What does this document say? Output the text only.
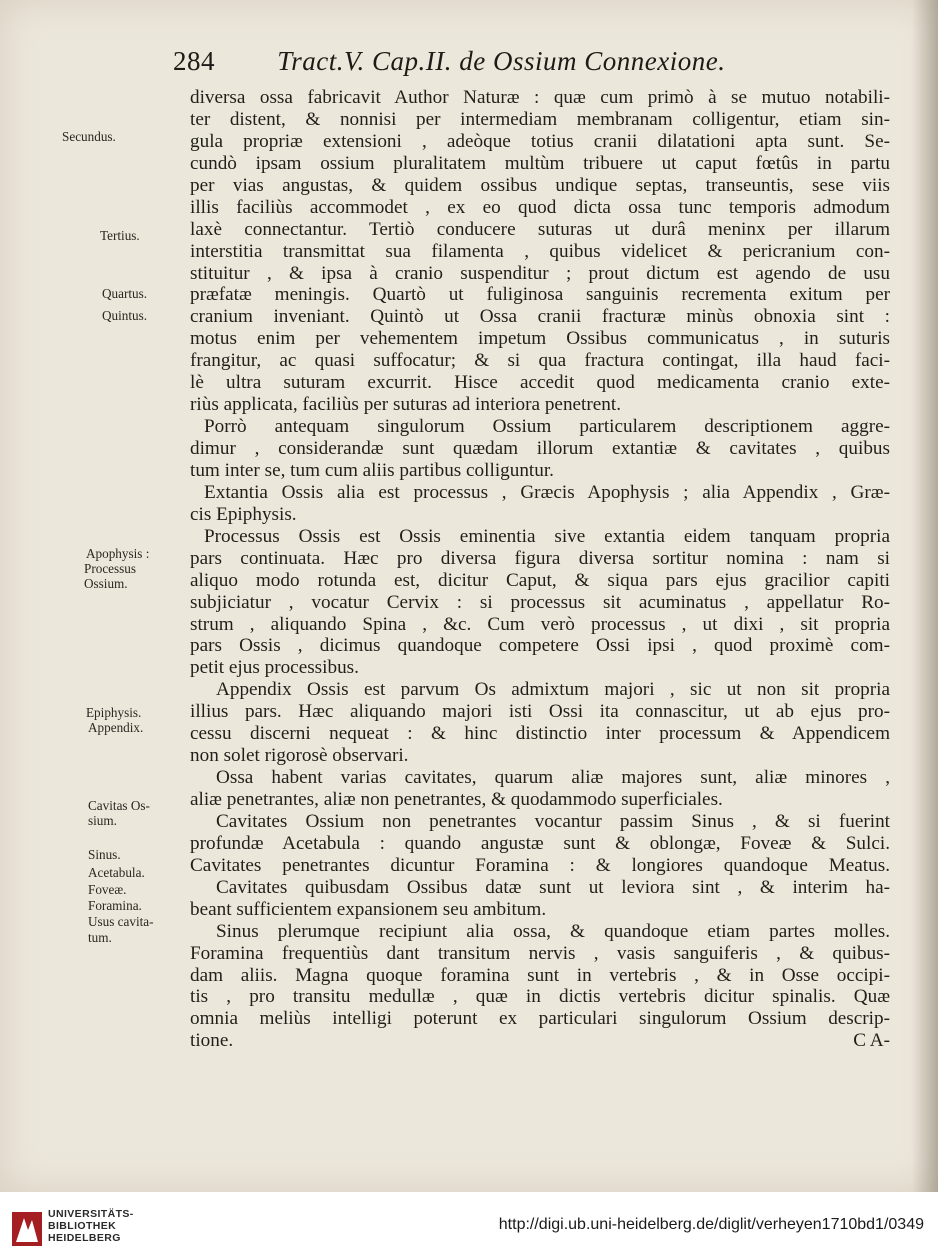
284 Tract.V. Cap.II. de Ossium Connexione.
diversa ossa fabricavit Author Naturæ : quæ cum primò à se mutuo notabili-
ter distent, & nonnisi per intermediam membranam colligentur, etiam sin-
gula propriæ extensioni , adeòque totius cranii dilatationi apta sunt. Se-
cundò ipsam ossium pluralitatem multùm tribuere ut caput fœtûs in partu
per vias angustas, & quidem ossibus undique septas, transeuntis, sese viis
illis faciliùs accommodet , ex eo quod dicta ossa tunc temporis admodum
laxè connectantur. Tertiò conducere suturas ut durâ meninx per illarum
interstitia transmittat sua filamenta , quibus videlicet & pericranium con-
stituitur , & ipsa à cranio suspenditur ; prout dictum est agendo de usu
præfatæ meningis. Quartò ut fuliginosa sanguinis recrementa exitum per
cranium inveniant. Quintò ut Ossa cranii fracturæ minùs obnoxia sint :
motus enim per vehementem impetum Ossibus communicatus , in suturis
frangitur, ac quasi suffocatur; & si qua fractura contingat, illa haud faci-
lè ultra suturam excurrit. Hisce accedit quod medicamenta cranio exte-
riùs applicata, faciliùs per suturas ad interiora penetrent.
Porrò antequam singulorum Ossium particularem descriptionem aggre-
dimur , considerandæ sunt quædam illorum extantiæ & cavitates , quibus
tum inter se, tum cum aliis partibus colliguntur.
Extantia Ossis alia est processus , Græcis Apophysis ; alia Appendix , Græ-
cis Epiphysis.
Processus Ossis est Ossis eminentia sive extantia eidem tanquam propria
pars continuata. Hæc pro diversa figura diversa sortitur nomina : nam si
aliquo modo rotunda est, dicitur Caput, & siqua pars ejus gracilior capiti
subjiciatur , vocatur Cervix : si processus sit acuminatus , appellatur Ro-
strum , aliquando Spina , &c. Cum verò processus , ut dixi , sit propria
pars Ossis , dicimus quandoque competere Ossi ipsi , quod proximè com-
petit ejus processibus.
Appendix Ossis est parvum Os admixtum majori , sic ut non sit propria
illius pars. Hæc aliquando majori isti Ossi ita connascitur, ut ab ejus pro-
cessu discerni nequeat : & hinc distinctio inter processum & Appendicem
non solet rigorosè observari.
Ossa habent varias cavitates, quarum aliæ majores sunt, aliæ minores ,
aliæ penetrantes, aliæ non penetrantes, & quodammodo superficiales.
Cavitates Ossium non penetrantes vocantur passim Sinus , & si fuerint
profundæ Acetabula : quando angustæ sunt & oblongæ, Foveæ & Sulci.
Cavitates penetrantes dicuntur Foramina : & longiores quandoque Meatus.
Cavitates quibusdam Ossibus datæ sunt ut leviora sint , & interim ha-
beant sufficientem expansionem seu ambitum.
Sinus plerumque recipiunt alia ossa, & quandoque etiam partes molles.
Foramina frequentiùs dant transitum nervis , vasis sanguiferis , & quibus-
dam aliis. Magna quoque foramina sunt in vertebris , & in Osse occipi-
tis , pro transitu medullæ , quæ in dictis vertebris dicitur spinalis. Quæ
omnia meliùs intelligi poterunt ex particulari singulorum Ossium descrip-
tione.	C A-
Secundus.
Tertius.
Quartus.
Quintus.
Apophysis :
Processus
Ossium.
Epiphysis.
Appendix.
Cavitas Os-
sium.
Sinus.
Acetabula.
Foveæ.
Foramina.
Usus cavita-
tum.
UNIVERSITÄTS-
BIBLIOTHEK
HEIDELBERG
http://digi.ub.uni-heidelberg.de/diglit/verheyen1710bd1/0349
